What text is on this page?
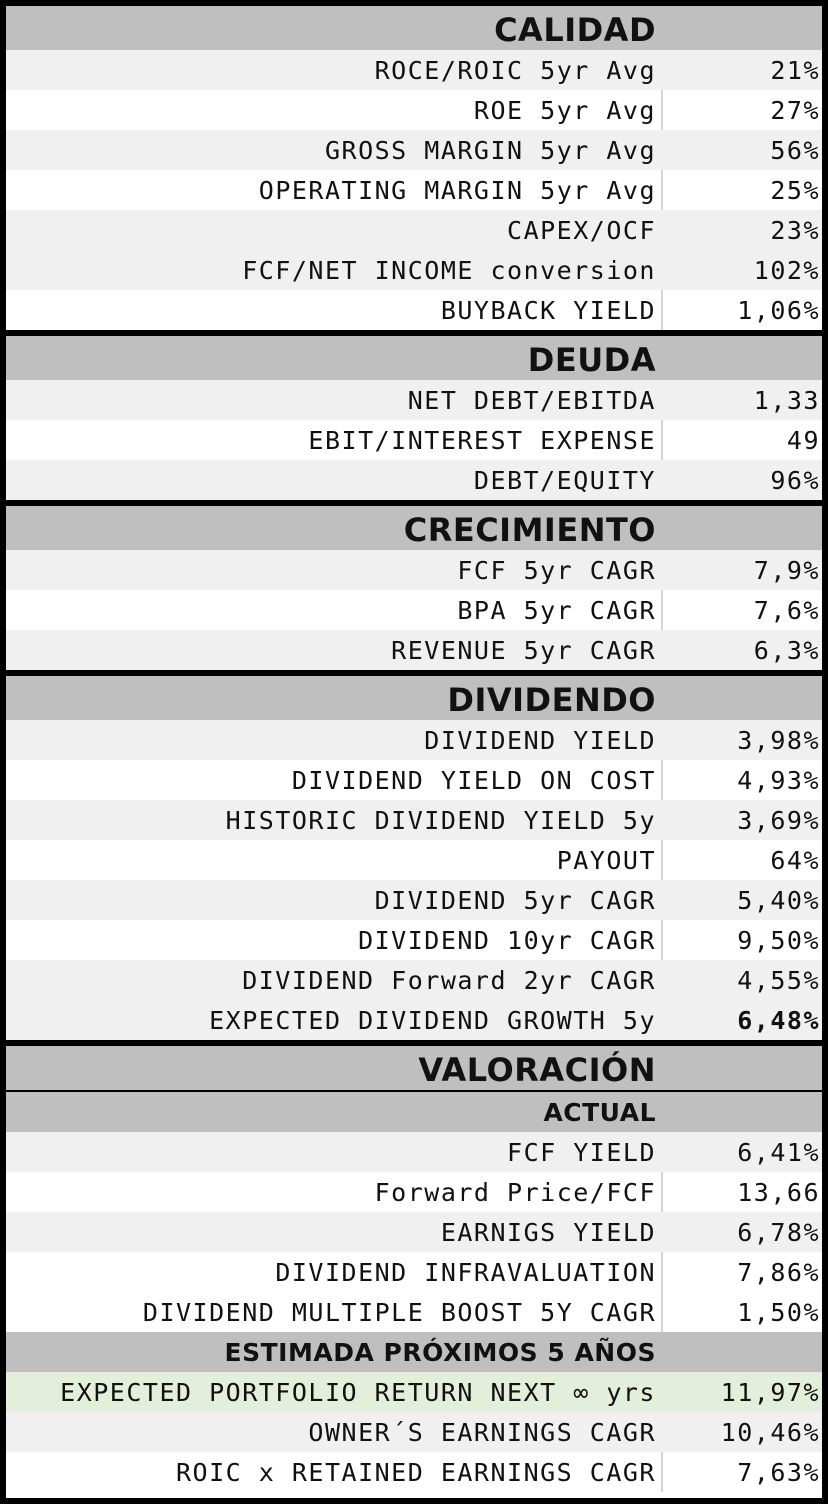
CALIDAD
ROCE/ROIC 5yr Avg	21%
ROE 5yr Avg	27%
GROSS MARGIN 5yr Avg	56%
OPERATING MARGIN 5yr Avg	25%
CAPEX/OCF	23%
FCF/NET INCOME conversion	102%
BUYBACK YIELD	1,06%
DEUDA
NET DEBT/EBITDA	1,33
EBIT/INTEREST EXPENSE	49
DEBT/EQUITY	96%
CRECIMIENTO
FCF 5yr CAGR	7,9%
BPA 5yr CAGR	7,6%
REVENUE 5yr CAGR	6,3%
DIVIDENDO
DIVIDEND YIELD	3,98%
DIVIDEND YIELD ON COST	4,93%
HISTORIC DIVIDEND YIELD 5y	3,69%
PAYOUT	64%
DIVIDEND 5yr CAGR	5,40%
DIVIDEND 10yr CAGR	9,50%
DIVIDEND Forward 2yr CAGR	4,55%
EXPECTED DIVIDEND GROWTH 5y	6,48%
VALORACIÓN
ACTUAL
FCF YIELD	6,41%
Forward Price/FCF	13,66
EARNIGS YIELD	6,78%
DIVIDEND INFRAVALUATION	7,86%
DIVIDEND MULTIPLE BOOST 5Y CAGR	1,50%
ESTIMADA PRÓXIMOS 5 AÑOS
EXPECTED PORTFOLIO RETURN NEXT ∞ yrs	11,97%
OWNER´S EARNINGS CAGR	10,46%
ROIC x RETAINED EARNINGS CAGR	7,63%
